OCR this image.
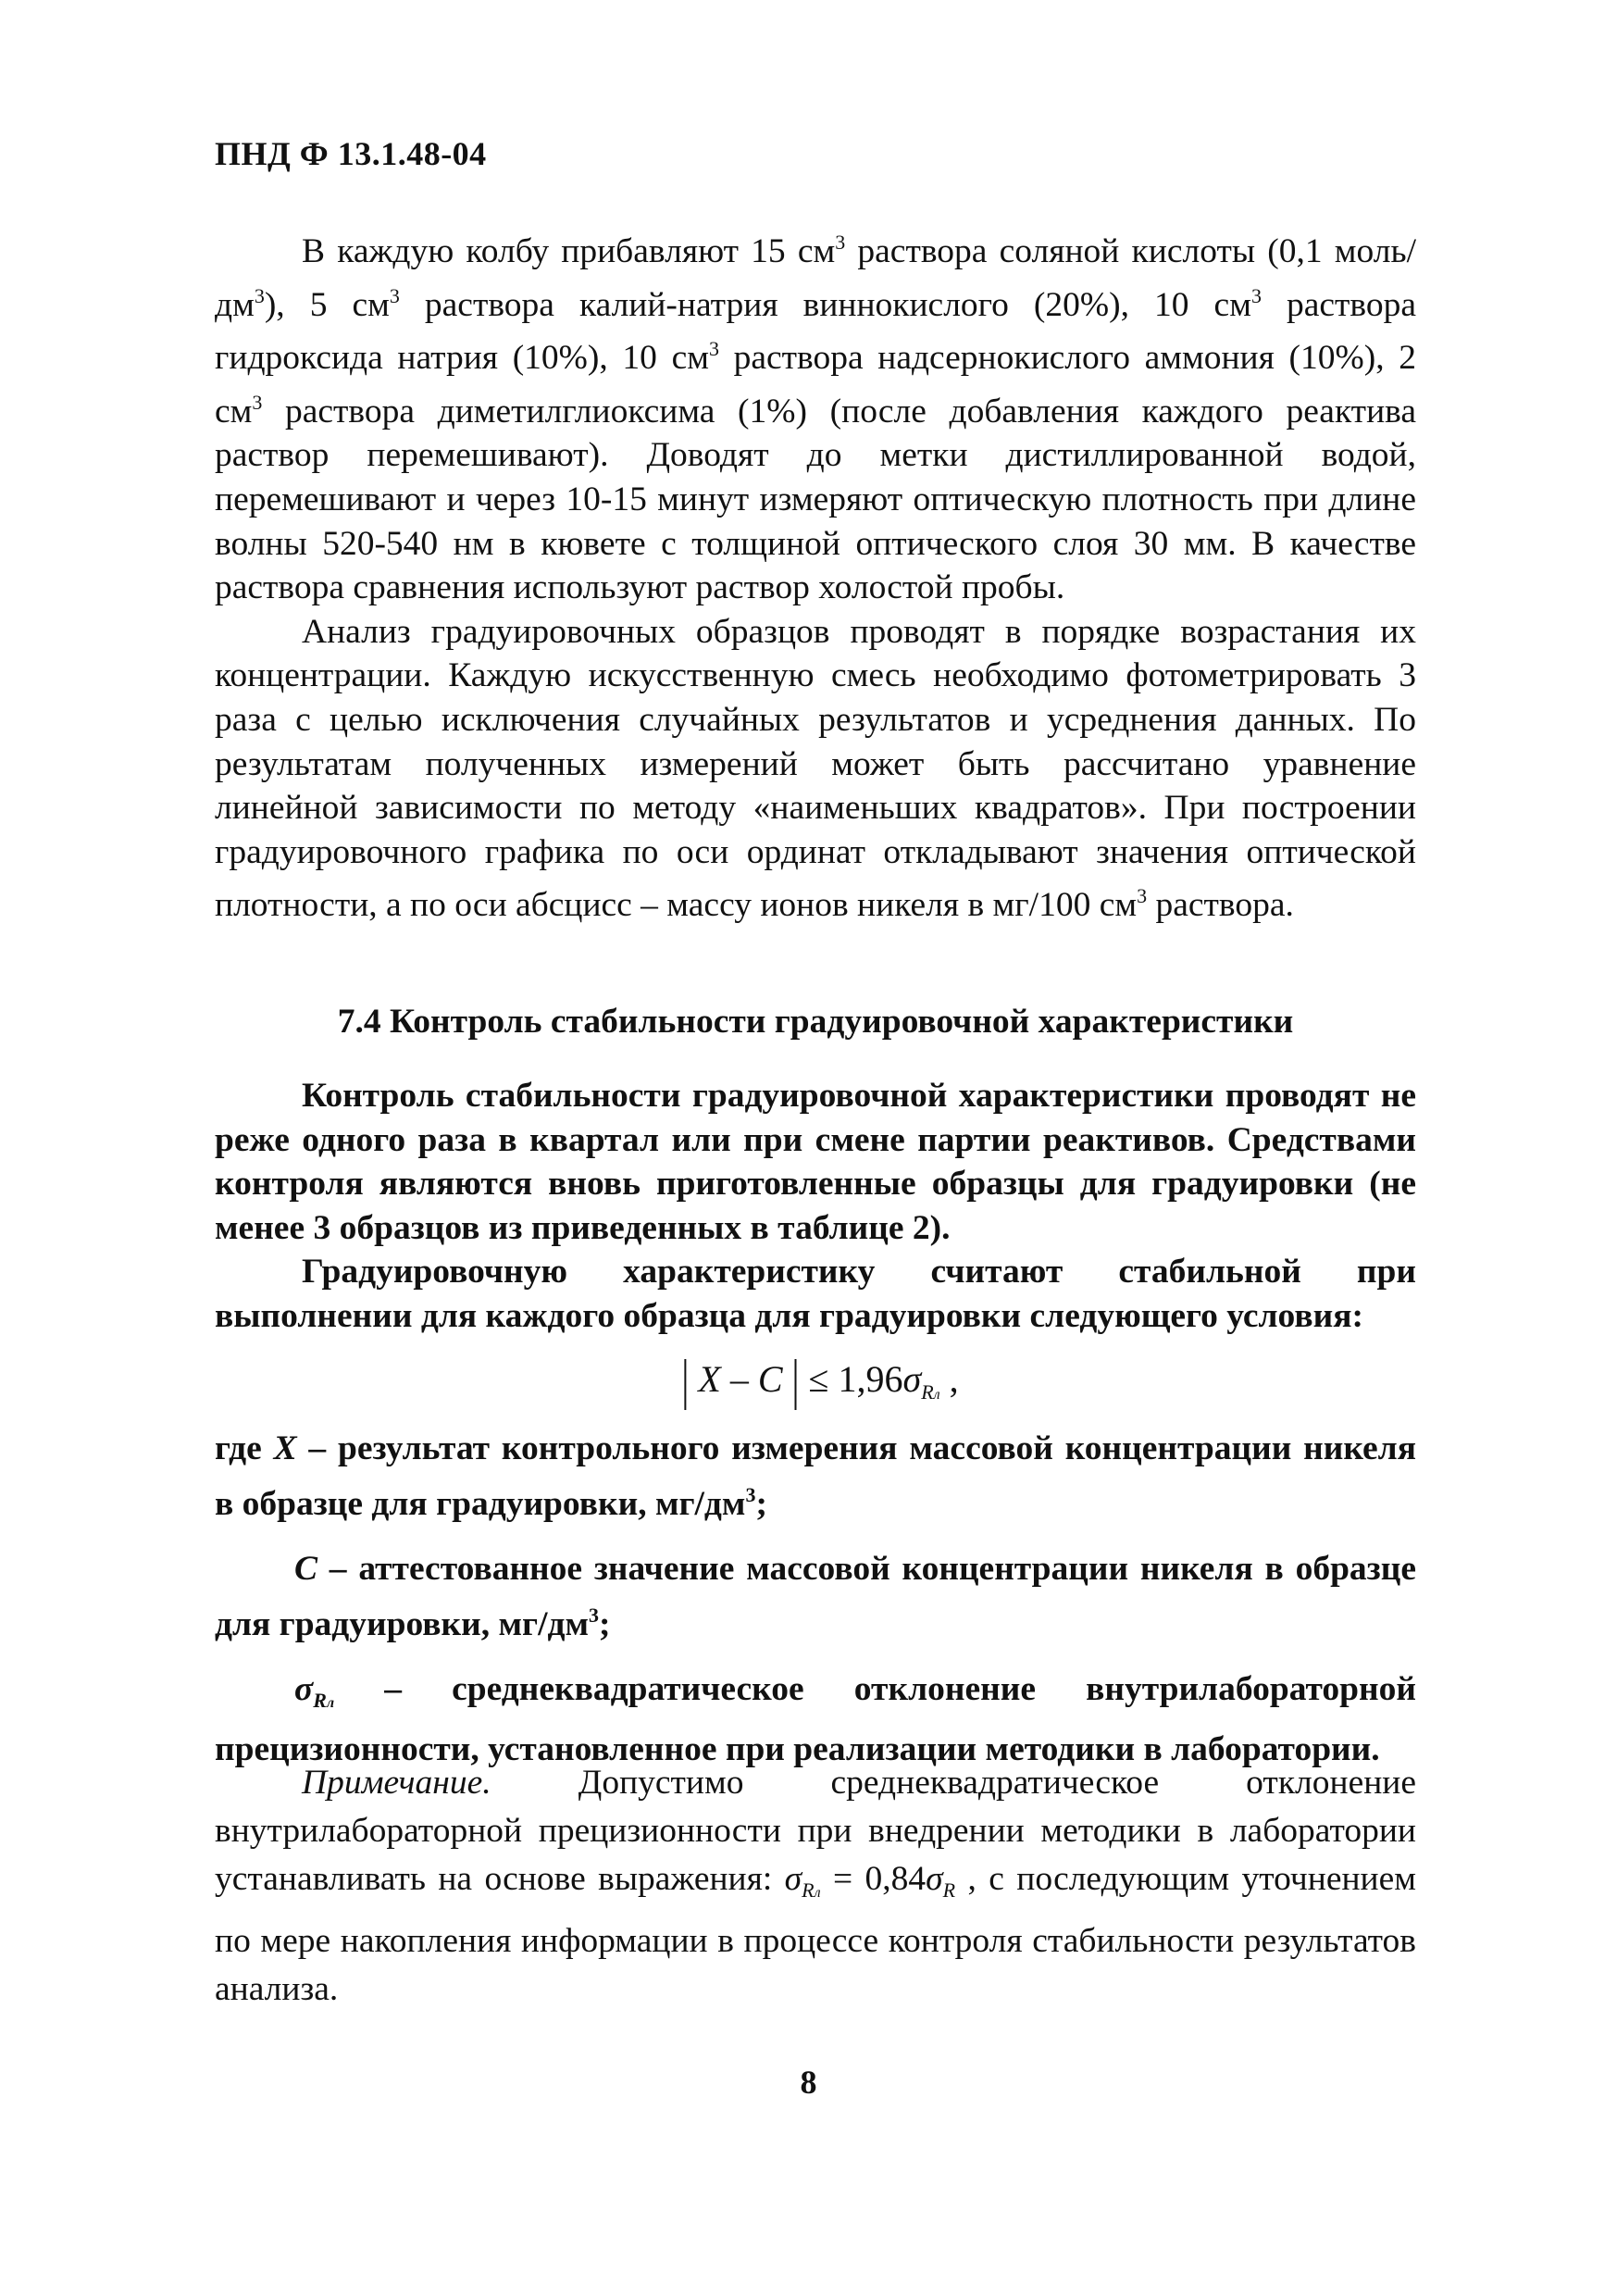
ПНД Ф 13.1.48-04

В каждую колбу прибавляют 15 $см^3$ раствора соляной кислоты (0,1 моль/$дм^3$), 5 $см^3$ раствора калий-натрия виннокислого (20%), 10 $см^3$ раствора гидроксида натрия (10%), 10 $см^3$ раствора надсернокислого аммония (10%), 2 $см^3$ раствора диметилглиоксима (1%) (после добавления каждого реактива раствор перемешивают). Доводят до метки дистиллированной водой, перемешивают и через 10-15 минут измеряют оптическую плотность при длине волны 520-540 нм в кювете с толщиной оптического слоя 30 мм. В качестве раствора сравнения используют раствор холостой пробы.

Анализ градуировочных образцов проводят в порядке возрастания их концентрации. Каждую искусственную смесь необходимо фотометрировать 3 раза с целью исключения случайных результатов и усреднения данных. По результатам полученных измерений может быть рассчитано уравнение линейной зависимости по методу «наименьших квадратов». При построении градуировочного графика по оси ординат откладывают значения оптической плотности, а по оси абсцисс – массу ионов никеля в мг/100 $см^3$ раствора.

7.4 Контроль стабильности градуировочной характеристики

Контроль стабильности градуировочной характеристики проводят не реже одного раза в квартал или при смене партии реактивов. Средствами контроля являются вновь приготовленные образцы для градуировки (не менее 3 образцов из приведенных в таблице 2).

Градуировочную характеристику считают стабильной при выполнении для каждого образца для градуировки следующего условия:

| X – C | ≤ $1,96\sigma_{Rл}$ ,

где X – результат контрольного измерения массовой концентрации никеля в образце для градуировки, $мг/дм^3$;

C – аттестованное значение массовой концентрации никеля в образце для градуировки, $мг/дм^3$;

$\sigma_{Rл}$ – среднеквадратическое отклонение внутрилабораторной прецизионности, установленное при реализации методики в лаборатории.

Примечание. Допустимо среднеквадратическое отклонение внутрилабораторной прецизионности при внедрении методики в лаборатории устанавливать на основе выражения: $\sigma_{Rл} = 0,84\sigma_R$ , с последующим уточнением по мере накопления информации в процессе контроля стабильности результатов анализа.

8
